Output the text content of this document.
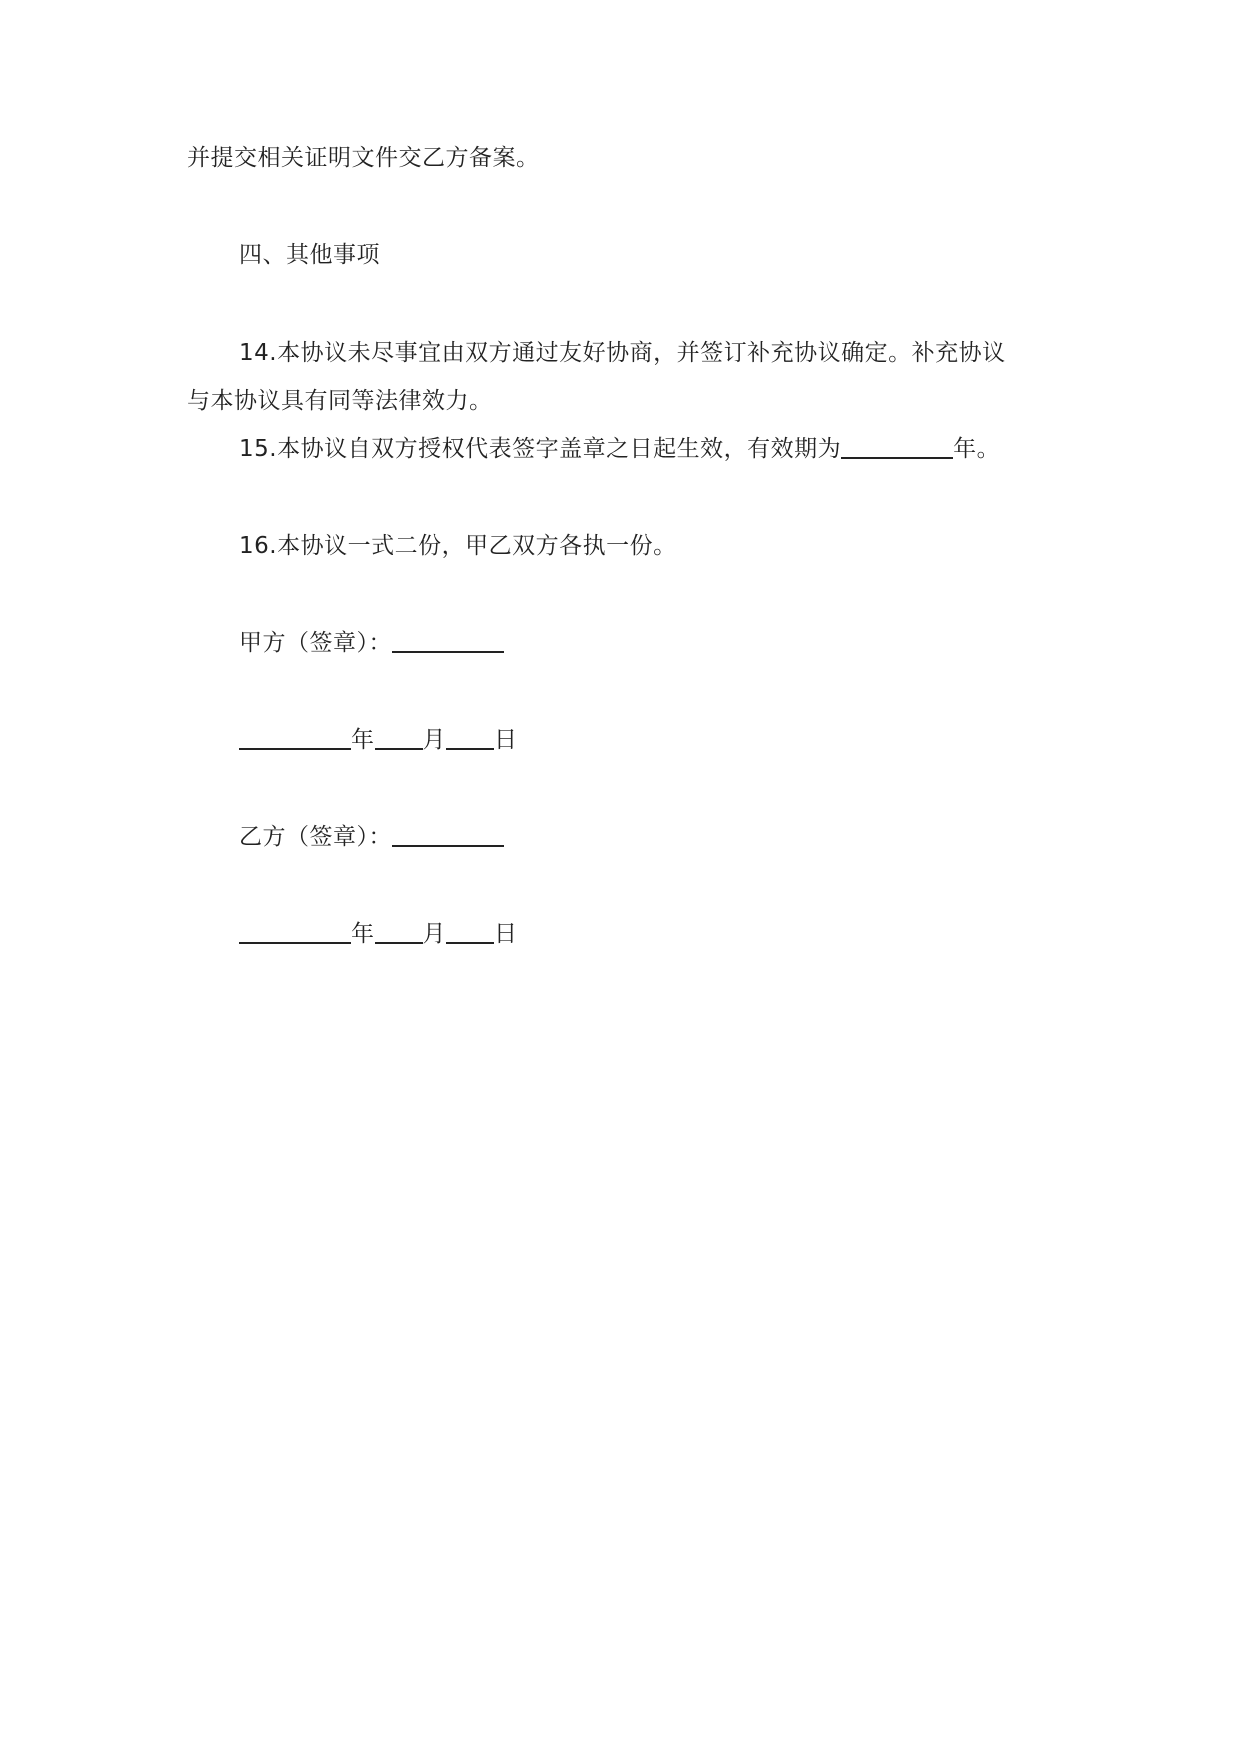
并提交相关证明文件交乙方备案。
四、其他事项
14.本协议未尽事宜由双方通过友好协商，并签订补充协议确定。补充协议
与本协议具有同等法律效力。
15.本协议自双方授权代表签字盖章之日起生效，有效期为	年。
16.本协议一式二份，甲乙双方各执一份。
甲方（签章）：
年 月 日
乙方（签章）：
年 月 日
